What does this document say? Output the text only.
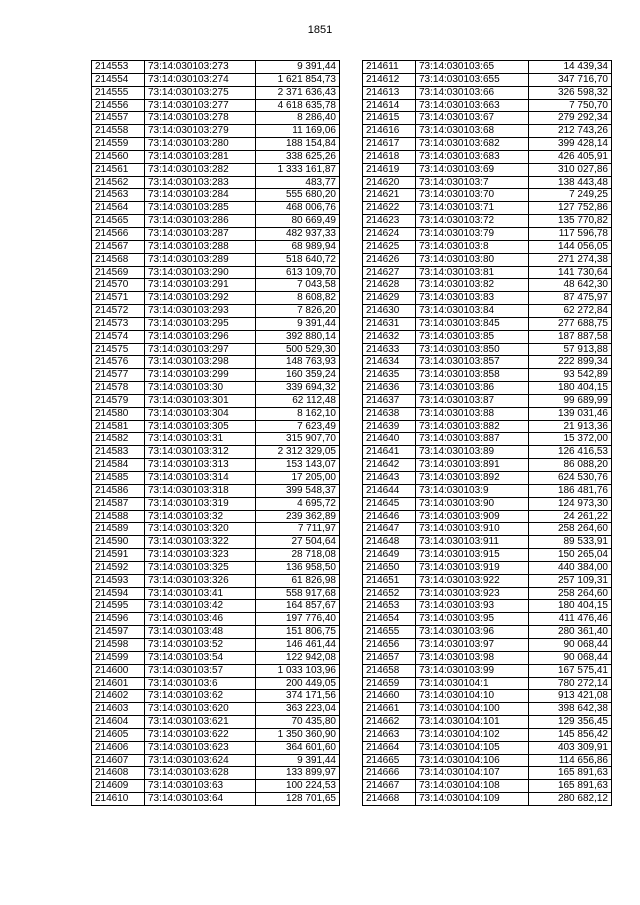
1851
214553	73:14:030103:273	9 391,44
214554	73:14:030103:274	1 621 854,73
214555	73:14:030103:275	2 371 636,43
214556	73:14:030103:277	4 618 635,78
214557	73:14:030103:278	8 286,40
214558	73:14:030103:279	11 169,06
214559	73:14:030103:280	188 154,84
214560	73:14:030103:281	338 625,26
214561	73:14:030103:282	1 333 161,87
214562	73:14:030103:283	483,77
214563	73:14:030103:284	555 680,20
214564	73:14:030103:285	468 006,76
214565	73:14:030103:286	80 669,49
214566	73:14:030103:287	482 937,33
214567	73:14:030103:288	68 989,94
214568	73:14:030103:289	518 640,72
214569	73:14:030103:290	613 109,70
214570	73:14:030103:291	7 043,58
214571	73:14:030103:292	8 608,82
214572	73:14:030103:293	7 826,20
214573	73:14:030103:295	9 391,44
214574	73:14:030103:296	392 880,14
214575	73:14:030103:297	500 529,30
214576	73:14:030103:298	148 763,93
214577	73:14:030103:299	160 359,24
214578	73:14:030103:30	339 694,32
214579	73:14:030103:301	62 112,48
214580	73:14:030103:304	8 162,10
214581	73:14:030103:305	7 623,49
214582	73:14:030103:31	315 907,70
214583	73:14:030103:312	2 312 329,05
214584	73:14:030103:313	153 143,07
214585	73:14:030103:314	17 205,00
214586	73:14:030103:318	399 548,37
214587	73:14:030103:319	4 695,72
214588	73:14:030103:32	239 362,89
214589	73:14:030103:320	7 711,97
214590	73:14:030103:322	27 504,64
214591	73:14:030103:323	28 718,08
214592	73:14:030103:325	136 958,50
214593	73:14:030103:326	61 826,98
214594	73:14:030103:41	558 917,68
214595	73:14:030103:42	164 857,67
214596	73:14:030103:46	197 776,40
214597	73:14:030103:48	151 806,75
214598	73:14:030103:52	146 461,44
214599	73:14:030103:54	122 942,08
214600	73:14:030103:57	1 033 103,96
214601	73:14:030103:6	200 449,05
214602	73:14:030103:62	374 171,56
214603	73:14:030103:620	363 223,04
214604	73:14:030103:621	70 435,80
214605	73:14:030103:622	1 350 360,90
214606	73:14:030103:623	364 601,60
214607	73:14:030103:624	9 391,44
214608	73:14:030103:628	133 899,97
214609	73:14:030103:63	100 224,53
214610	73:14:030103:64	128 701,65
214611	73:14:030103:65	14 439,34
214612	73:14:030103:655	347 716,70
214613	73:14:030103:66	326 598,32
214614	73:14:030103:663	7 750,70
214615	73:14:030103:67	279 292,34
214616	73:14:030103:68	212 743,26
214617	73:14:030103:682	399 428,14
214618	73:14:030103:683	426 405,91
214619	73:14:030103:69	310 027,86
214620	73:14:030103:7	138 443,48
214621	73:14:030103:70	7 249,25
214622	73:14:030103:71	127 752,86
214623	73:14:030103:72	135 770,82
214624	73:14:030103:79	117 596,78
214625	73:14:030103:8	144 056,05
214626	73:14:030103:80	271 274,38
214627	73:14:030103:81	141 730,64
214628	73:14:030103:82	48 642,30
214629	73:14:030103:83	87 475,97
214630	73:14:030103:84	62 272,84
214631	73:14:030103:845	277 688,75
214632	73:14:030103:85	187 887,58
214633	73:14:030103:850	57 913,88
214634	73:14:030103:857	222 899,34
214635	73:14:030103:858	93 542,89
214636	73:14:030103:86	180 404,15
214637	73:14:030103:87	99 689,99
214638	73:14:030103:88	139 031,46
214639	73:14:030103:882	21 913,36
214640	73:14:030103:887	15 372,00
214641	73:14:030103:89	126 416,53
214642	73:14:030103:891	86 088,20
214643	73:14:030103:892	624 530,76
214644	73:14:030103:9	186 481,76
214645	73:14:030103:90	124 973,30
214646	73:14:030103:909	24 261,22
214647	73:14:030103:910	258 264,60
214648	73:14:030103:911	89 533,91
214649	73:14:030103:915	150 265,04
214650	73:14:030103:919	440 384,00
214651	73:14:030103:922	257 109,31
214652	73:14:030103:923	258 264,60
214653	73:14:030103:93	180 404,15
214654	73:14:030103:95	411 476,46
214655	73:14:030103:96	280 361,40
214656	73:14:030103:97	90 068,44
214657	73:14:030103:98	90 068,44
214658	73:14:030103:99	167 575,41
214659	73:14:030104:1	780 272,14
214660	73:14:030104:10	913 421,08
214661	73:14:030104:100	398 642,38
214662	73:14:030104:101	129 356,45
214663	73:14:030104:102	145 856,42
214664	73:14:030104:105	403 309,91
214665	73:14:030104:106	114 656,86
214666	73:14:030104:107	165 891,63
214667	73:14:030104:108	165 891,63
214668	73:14:030104:109	280 682,12
